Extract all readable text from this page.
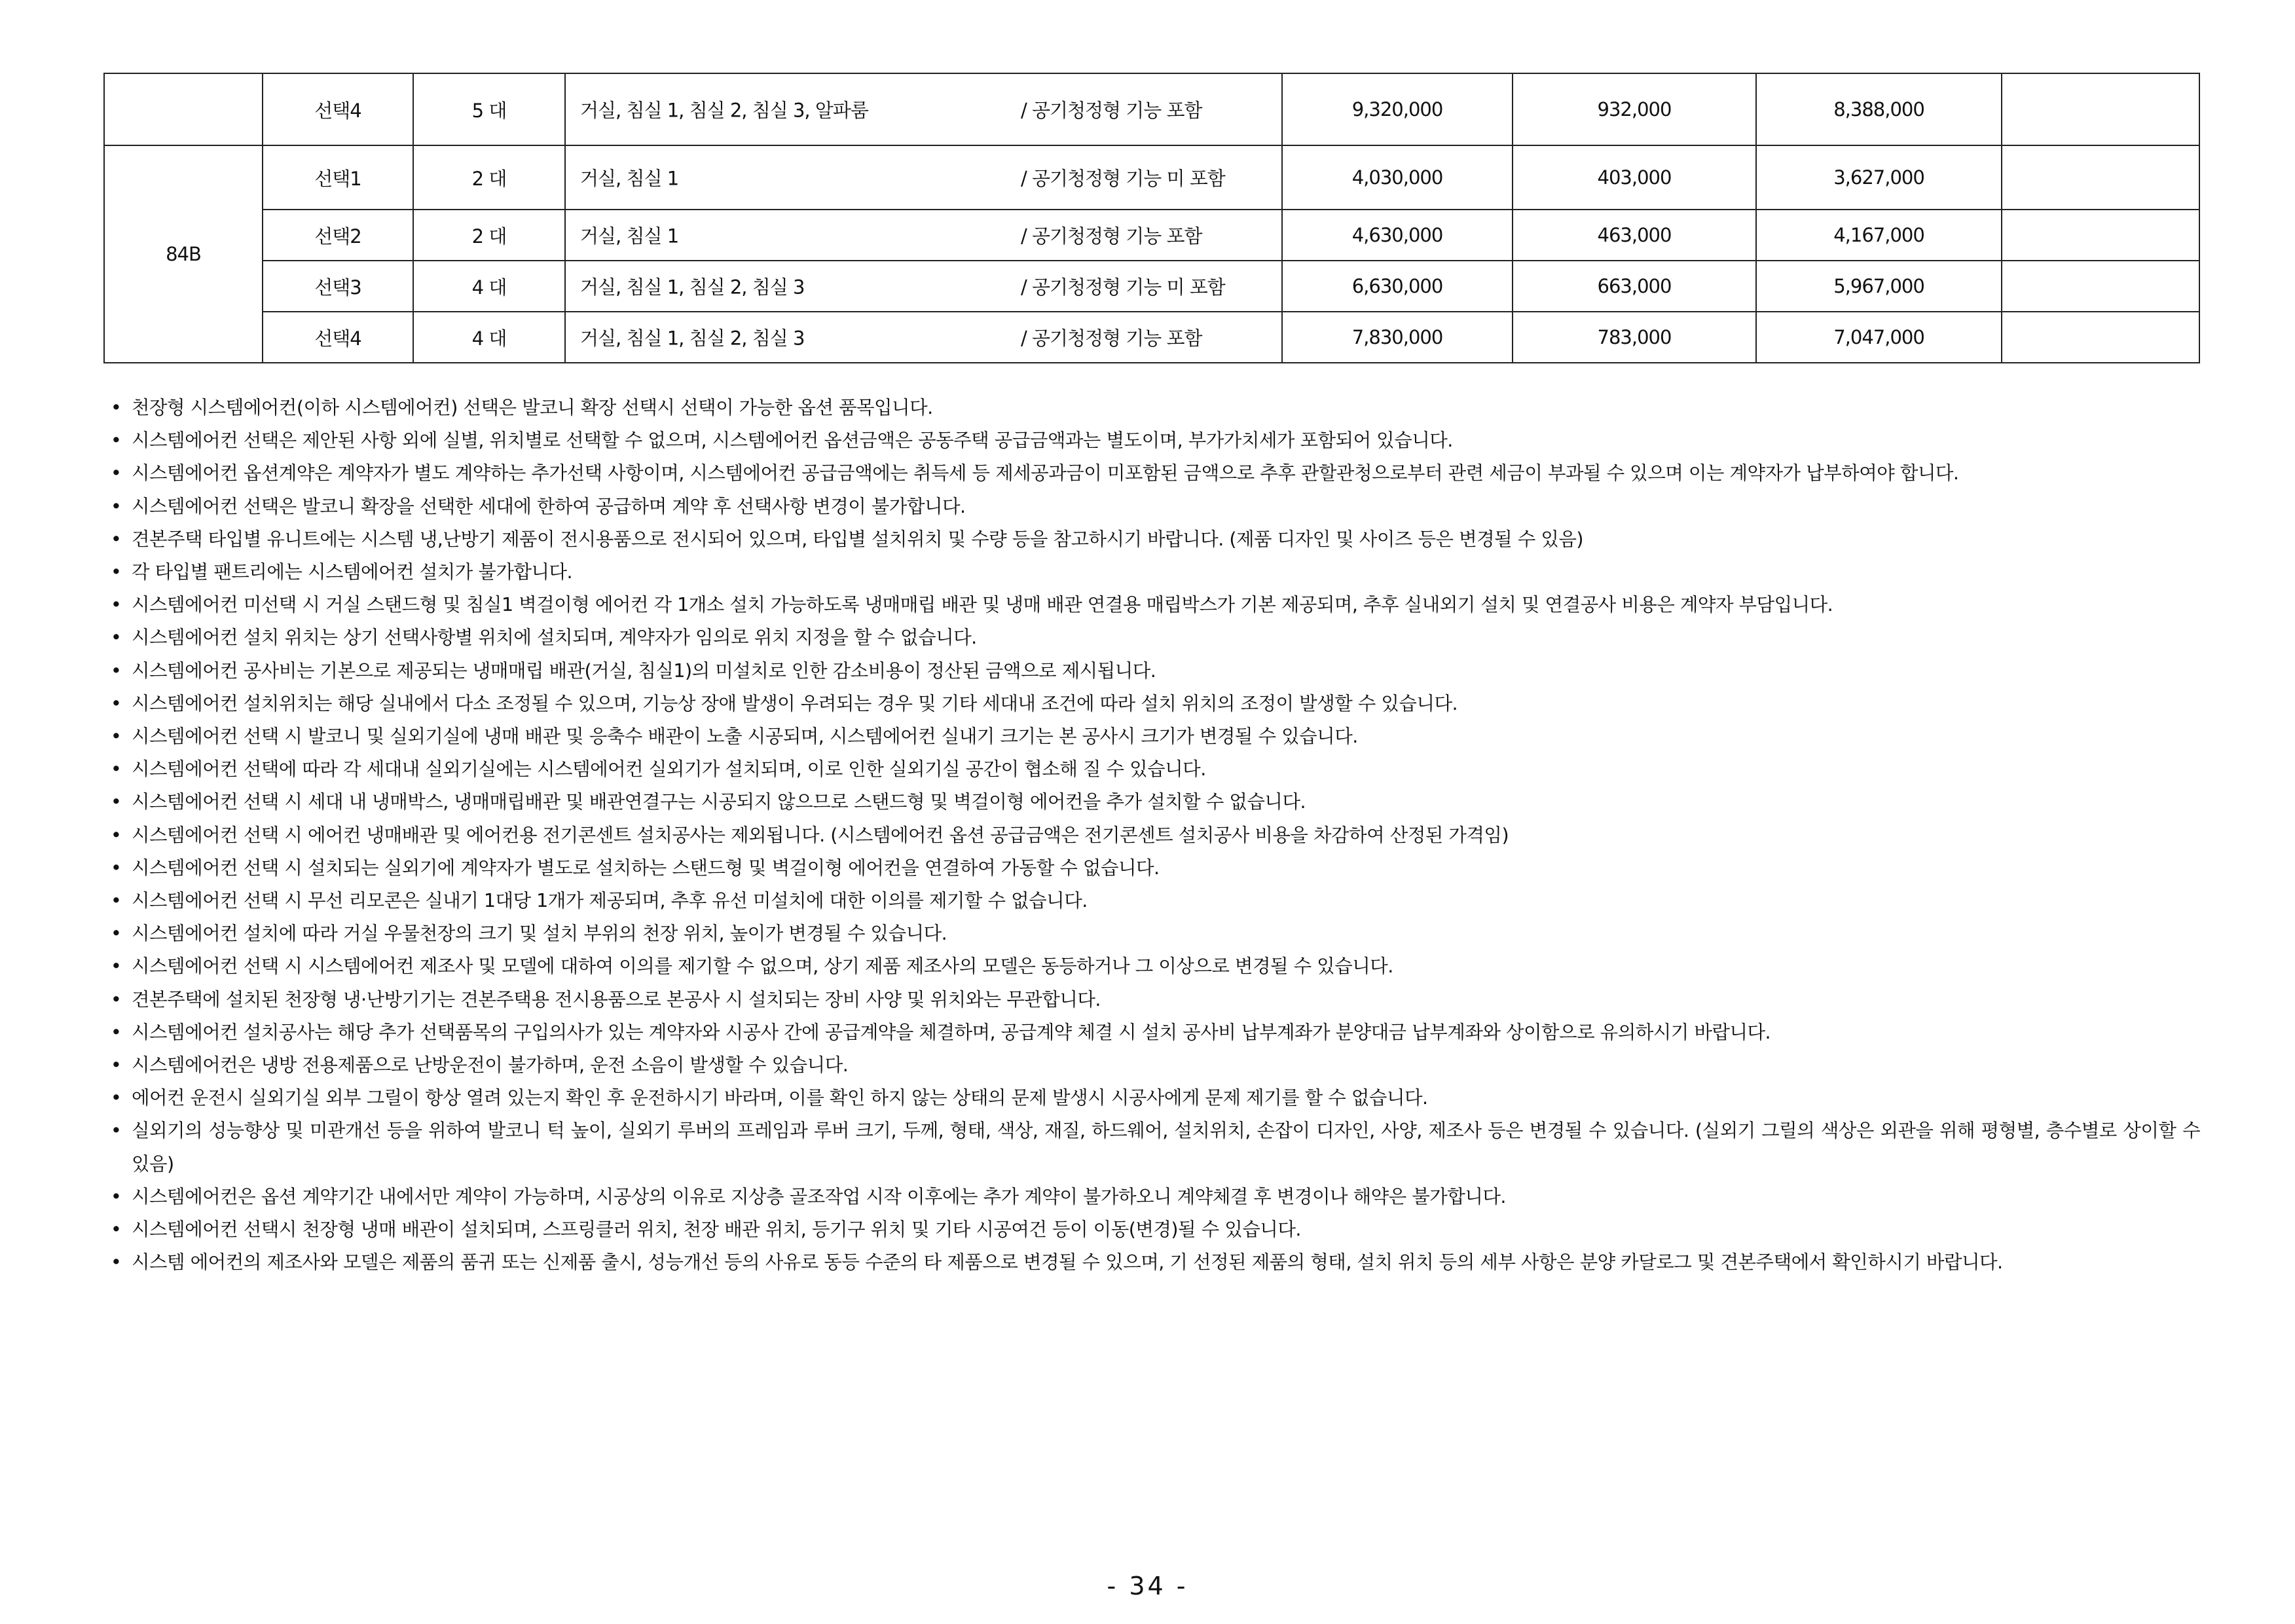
	선택4	5 대	거실, 침실 1, 침실 2, 침실 3, 알파룸 / 공기청정형 기능 포함	9,320,000	932,000	8,388,000	
84B	선택1	2 대	거실, 침실 1 / 공기청정형 기능 미 포함	4,030,000	403,000	3,627,000	
	선택2	2 대	거실, 침실 1 / 공기청정형 기능 포함	4,630,000	463,000	4,167,000	
	선택3	4 대	거실, 침실 1, 침실 2, 침실 3 / 공기청정형 기능 미 포함	6,630,000	663,000	5,967,000	
	선택4	4 대	거실, 침실 1, 침실 2, 침실 3 / 공기청정형 기능 포함	7,830,000	783,000	7,047,000	
• 천장형 시스템에어컨(이하 시스템에어컨) 선택은 발코니 확장 선택시 선택이 가능한 옵션 품목입니다.
• 시스템에어컨 선택은 제안된 사항 외에 실별, 위치별로 선택할 수 없으며, 시스템에어컨 옵션금액은 공동주택 공급금액과는 별도이며, 부가가치세가 포함되어 있습니다.
• 시스템에어컨 옵션계약은 계약자가 별도 계약하는 추가선택 사항이며, 시스템에어컨 공급금액에는 취득세 등 제세공과금이 미포함된 금액으로 추후 관할관청으로부터 관련 세금이 부과될 수 있으며 이는 계약자가 납부하여야 합니다.
• 시스템에어컨 선택은 발코니 확장을 선택한 세대에 한하여 공급하며 계약 후 선택사항 변경이 불가합니다.
• 견본주택 타입별 유니트에는 시스템 냉,난방기 제품이 전시용품으로 전시되어 있으며, 타입별 설치위치 및 수량 등을 참고하시기 바랍니다. (제품 디자인 및 사이즈 등은 변경될 수 있음)
• 각 타입별 팬트리에는 시스템에어컨 설치가 불가합니다.
• 시스템에어컨 미선택 시 거실 스탠드형 및 침실1 벽걸이형 에어컨 각 1개소 설치 가능하도록 냉매매립 배관 및 냉매 배관 연결용 매립박스가 기본 제공되며, 추후 실내외기 설치 및 연결공사 비용은 계약자 부담입니다.
• 시스템에어컨 설치 위치는 상기 선택사항별 위치에 설치되며, 계약자가 임의로 위치 지정을 할 수 없습니다.
• 시스템에어컨 공사비는 기본으로 제공되는 냉매매립 배관(거실, 침실1)의 미설치로 인한 감소비용이 정산된 금액으로 제시됩니다.
• 시스템에어컨 설치위치는 해당 실내에서 다소 조정될 수 있으며, 기능상 장애 발생이 우려되는 경우 및 기타 세대내 조건에 따라 설치 위치의 조정이 발생할 수 있습니다.
• 시스템에어컨 선택 시 발코니 및 실외기실에 냉매 배관 및 응축수 배관이 노출 시공되며, 시스템에어컨 실내기 크기는 본 공사시 크기가 변경될 수 있습니다.
• 시스템에어컨 선택에 따라 각 세대내 실외기실에는 시스템에어컨 실외기가 설치되며, 이로 인한 실외기실 공간이 협소해 질 수 있습니다.
• 시스템에어컨 선택 시 세대 내 냉매박스, 냉매매립배관 및 배관연결구는 시공되지 않으므로 스탠드형 및 벽걸이형 에어컨을 추가 설치할 수 없습니다.
• 시스템에어컨 선택 시 에어컨 냉매배관 및 에어컨용 전기콘센트 설치공사는 제외됩니다. (시스템에어컨 옵션 공급금액은 전기콘센트 설치공사 비용을 차감하여 산정된 가격임)
• 시스템에어컨 선택 시 설치되는 실외기에 계약자가 별도로 설치하는 스탠드형 및 벽걸이형 에어컨을 연결하여 가동할 수 없습니다.
• 시스템에어컨 선택 시 무선 리모콘은 실내기 1대당 1개가 제공되며, 추후 유선 미설치에 대한 이의를 제기할 수 없습니다.
• 시스템에어컨 설치에 따라 거실 우물천장의 크기 및 설치 부위의 천장 위치, 높이가 변경될 수 있습니다.
• 시스템에어컨 선택 시 시스템에어컨 제조사 및 모델에 대하여 이의를 제기할 수 없으며, 상기 제품 제조사의 모델은 동등하거나 그 이상으로 변경될 수 있습니다.
• 견본주택에 설치된 천장형 냉·난방기기는 견본주택용 전시용품으로 본공사 시 설치되는 장비 사양 및 위치와는 무관합니다.
• 시스템에어컨 설치공사는 해당 추가 선택품목의 구입의사가 있는 계약자와 시공사 간에 공급계약을 체결하며, 공급계약 체결 시 설치 공사비 납부계좌가 분양대금 납부계좌와 상이함으로 유의하시기 바랍니다.
• 시스템에어컨은 냉방 전용제품으로 난방운전이 불가하며, 운전 소음이 발생할 수 있습니다.
• 에어컨 운전시 실외기실 외부 그릴이 항상 열려 있는지 확인 후 운전하시기 바라며, 이를 확인 하지 않는 상태의 문제 발생시 시공사에게 문제 제기를 할 수 없습니다.
• 실외기의 성능향상 및 미관개선 등을 위하여 발코니 턱 높이, 실외기 루버의 프레임과 루버 크기, 두께, 형태, 색상, 재질, 하드웨어, 설치위치, 손잡이 디자인, 사양, 제조사 등은 변경될 수 있습니다. (실외기 그릴의 색상은 외관을 위해 평형별, 층수별로 상이할 수 있음)
• 시스템에어컨은 옵션 계약기간 내에서만 계약이 가능하며, 시공상의 이유로 지상층 골조작업 시작 이후에는 추가 계약이 불가하오니 계약체결 후 변경이나 해약은 불가합니다.
• 시스템에어컨 선택시 천장형 냉매 배관이 설치되며, 스프링클러 위치, 천장 배관 위치, 등기구 위치 및 기타 시공여건 등이 이동(변경)될 수 있습니다.
• 시스템 에어컨의 제조사와 모델은 제품의 품귀 또는 신제품 출시, 성능개선 등의 사유로 동등 수준의 타 제품으로 변경될 수 있으며, 기 선정된 제품의 형태, 설치 위치 등의 세부 사항은 분양 카달로그 및 견본주택에서 확인하시기 바랍니다.
- 34 -
